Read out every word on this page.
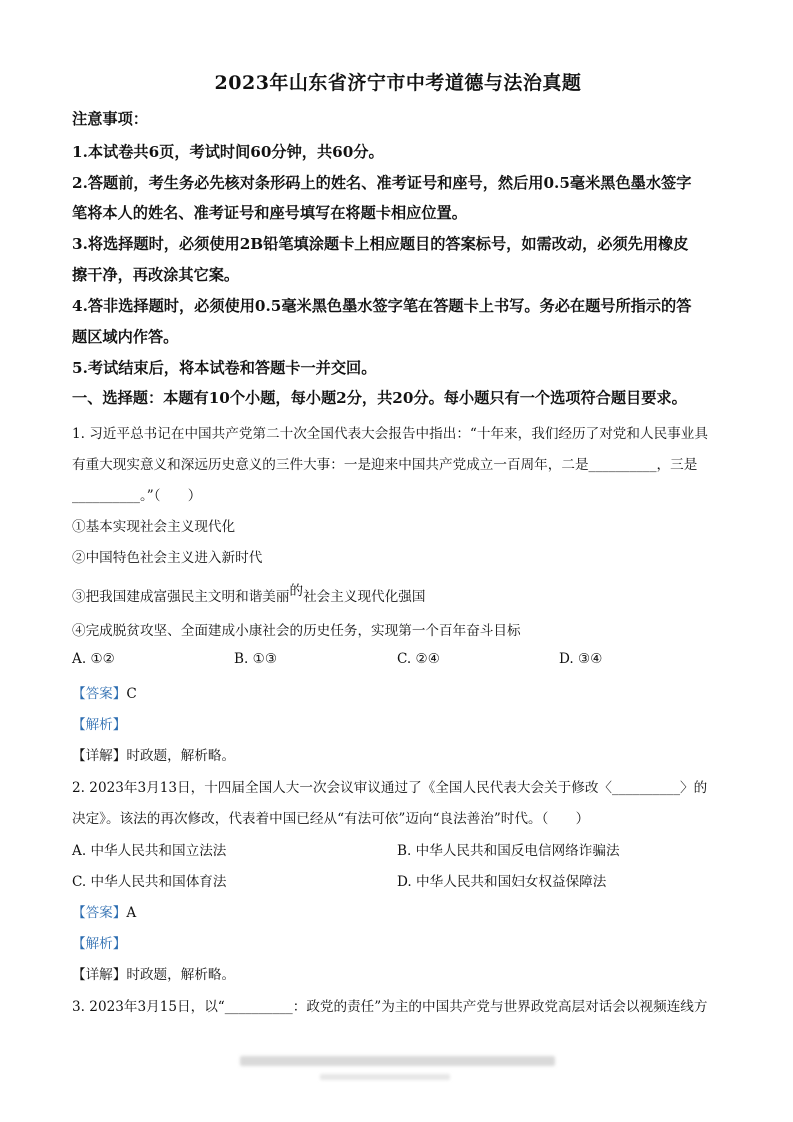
2023年山东省济宁市中考道德与法治真题
注意事项：
1.本试卷共6页，考试时间60分钟，共60分。
2.答题前，考生务必先核对条形码上的姓名、准考证号和座号，然后用0.5毫米黑色墨水签字
笔将本人的姓名、准考证号和座号填写在将题卡相应位置。
3.将选择题时，必须使用2B铅笔填涂题卡上相应题目的答案标号，如需改动，必须先用橡皮
擦干净，再改涂其它案。
4.答非选择题时，必须使用0.5毫米黑色墨水签字笔在答题卡上书写。务必在题号所指示的答
题区域内作答。
5.考试结束后，将本试卷和答题卡一并交回。
一、选择题：本题有10个小题，每小题2分，共20分。每小题只有一个选项符合题目要求。
1. 习近平总书记在中国共产党第二十次全国代表大会报告中指出：“十年来，我们经历了对党和人民事业具
有重大现实意义和深远历史意义的三件大事：一是迎来中国共产党成立一百周年，二是__________，三是
__________。”（　　）
①基本实现社会主义现代化
②中国特色社会主义进入新时代
③把我国建成富强民主文明和谐美丽的社会主义现代化强国
④完成脱贫攻坚、全面建成小康社会的历史任务，实现第一个百年奋斗目标
A. ①②	B. ①③	C. ②④	D. ③④
【答案】C
【解析】
【详解】时政题，解析略。
2. 2023年3月13日，十四届全国人大一次会议审议通过了《全国人民代表大会关于修改〈__________〉的
决定》。该法的再次修改，代表着中国已经从“有法可依”迈向“良法善治”时代。（　　）
A. 中华人民共和国立法法	B. 中华人民共和国反电信网络诈骗法
C. 中华人民共和国体育法	D. 中华人民共和国妇女权益保障法
【答案】A
【解析】
【详解】时政题，解析略。
3. 2023年3月15日，以“__________：政党的责任”为主的中国共产党与世界政党高层对话会以视频连线方
